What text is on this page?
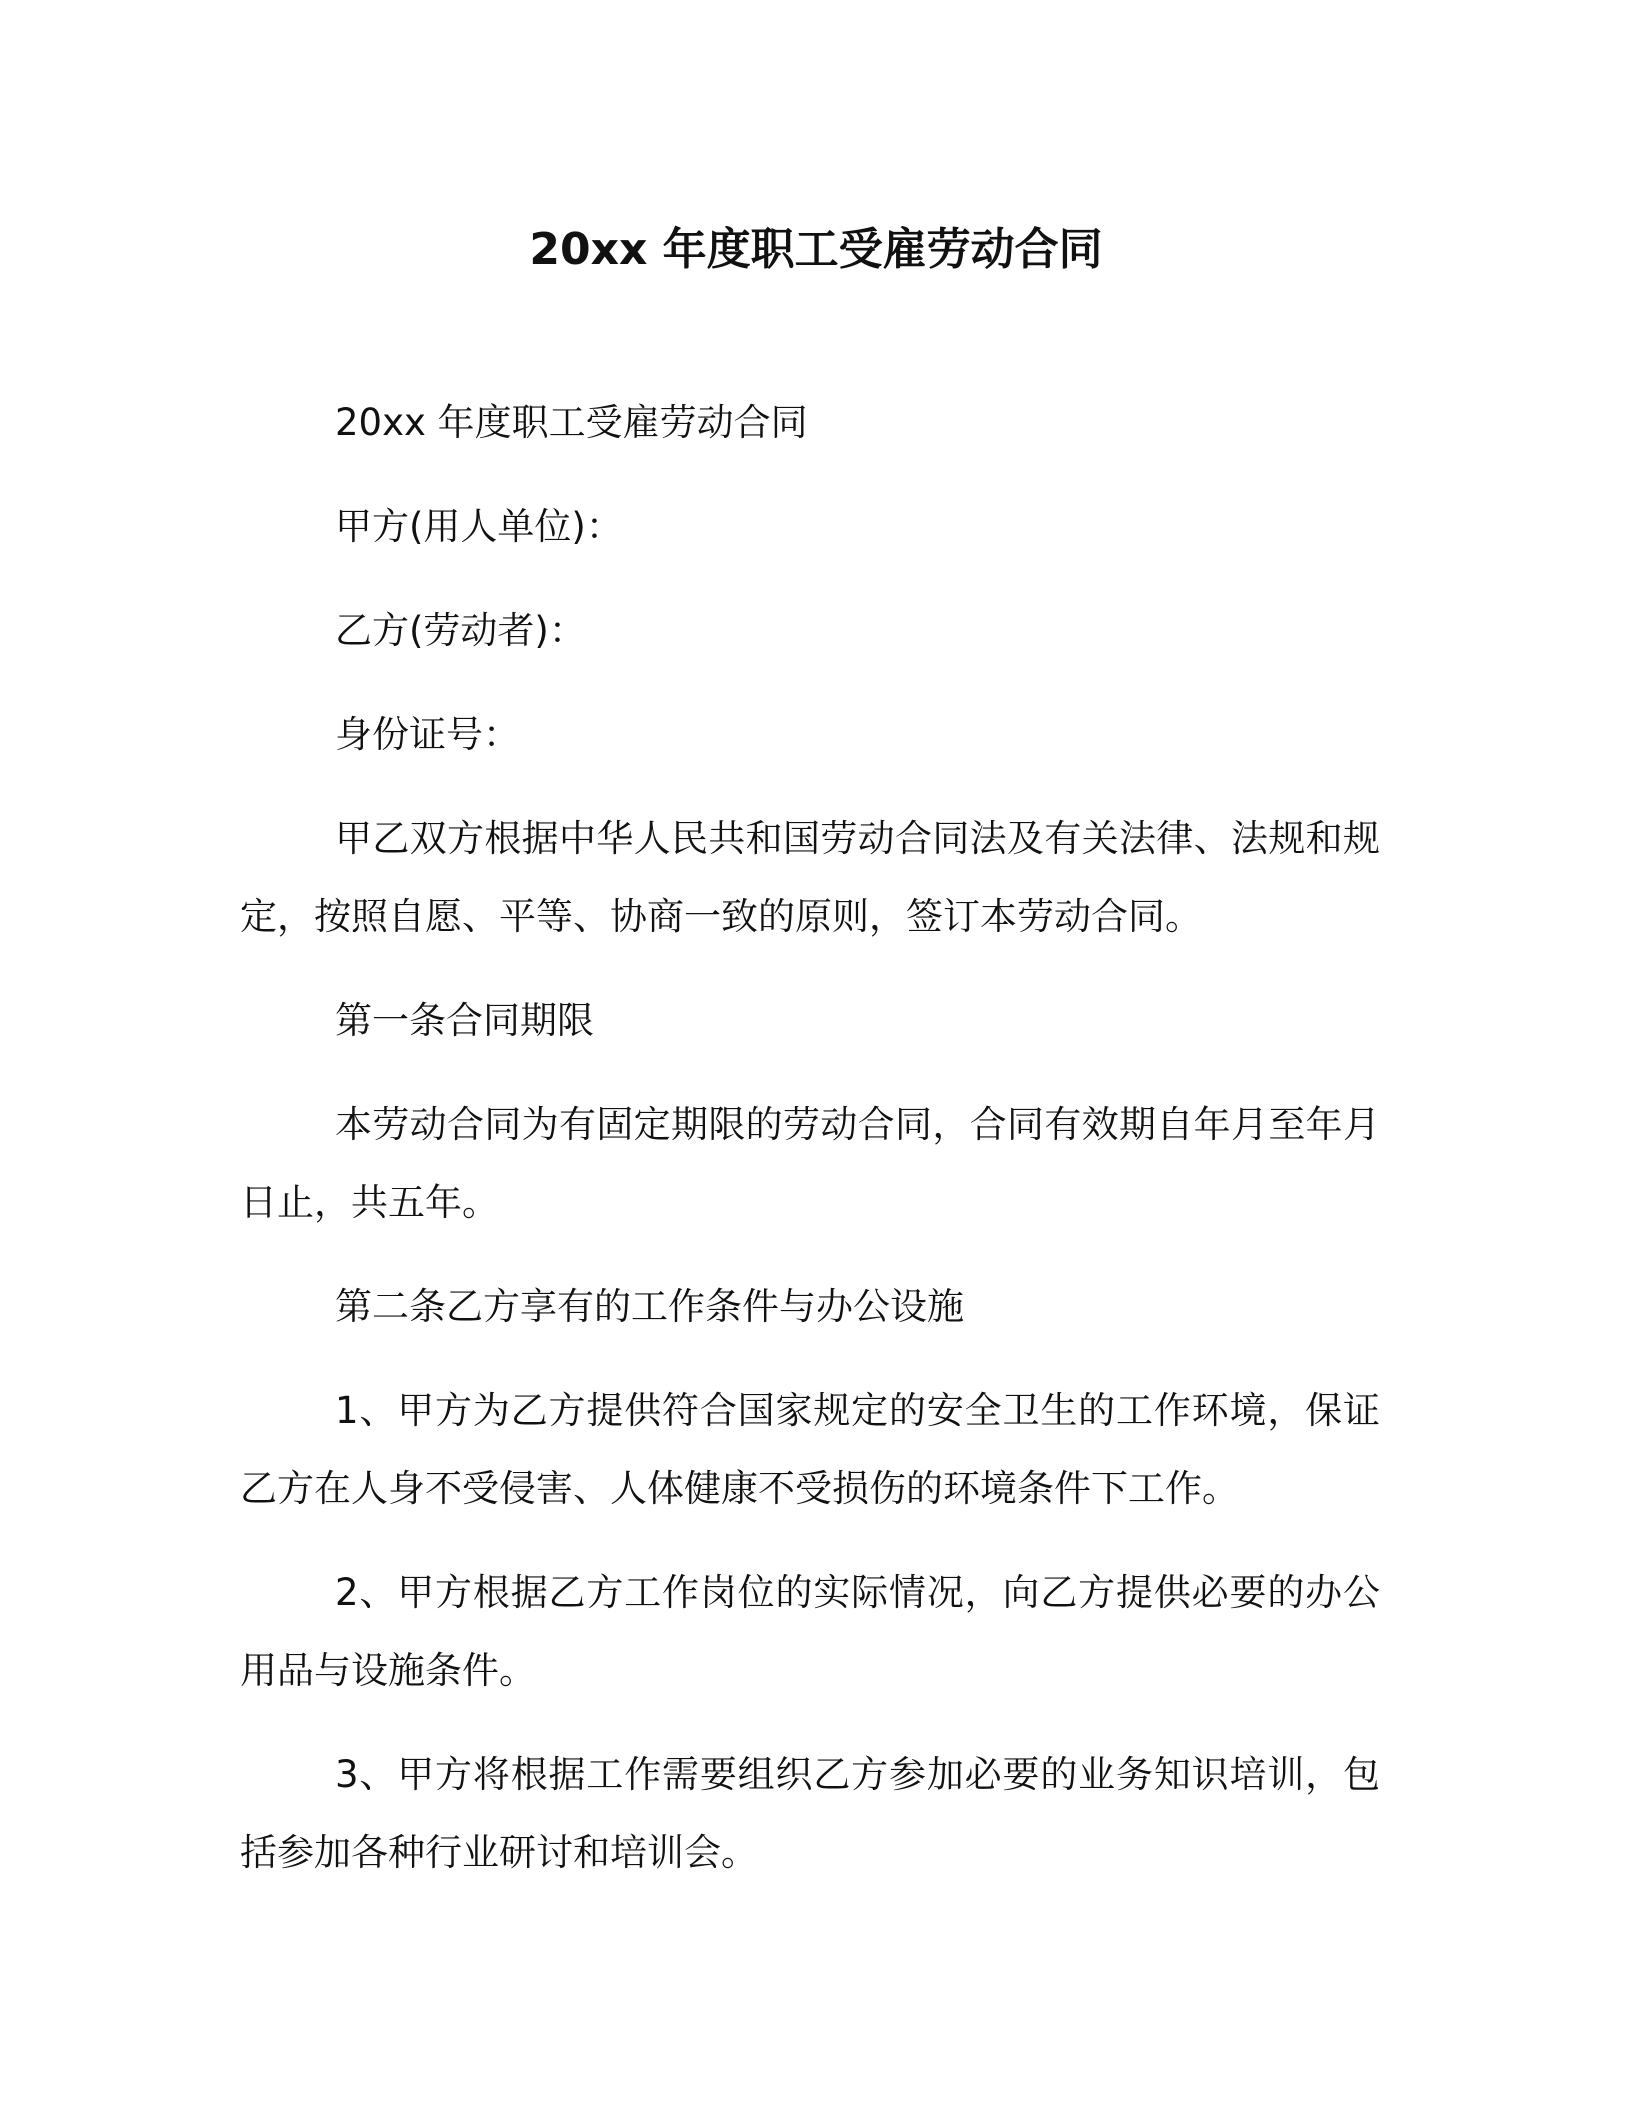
20xx 年度职工受雇劳动合同

20xx 年度职工受雇劳动合同

甲方(用人单位)：

乙方(劳动者)：

身份证号：

甲乙双方根据中华人民共和国劳动合同法及有关法律、法规和规定，按照自愿、平等、协商一致的原则，签订本劳动合同。

第一条合同期限

本劳动合同为有固定期限的劳动合同，合同有效期自年月至年月日止，共五年。

第二条乙方享有的工作条件与办公设施

1、甲方为乙方提供符合国家规定的安全卫生的工作环境，保证乙方在人身不受侵害、人体健康不受损伤的环境条件下工作。

2、甲方根据乙方工作岗位的实际情况，向乙方提供必要的办公用品与设施条件。

3、甲方将根据工作需要组织乙方参加必要的业务知识培训，包括参加各种行业研讨和培训会。
